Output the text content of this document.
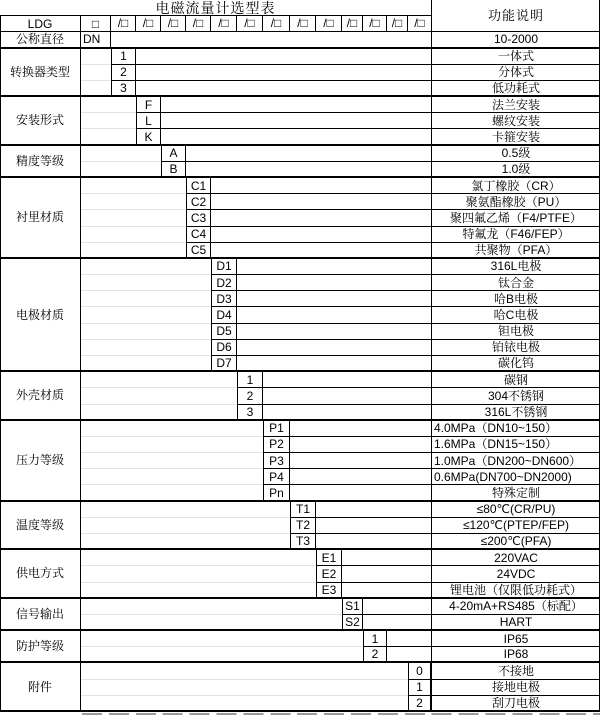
电磁流量计选型表
功能说明
LDG	□	/□	/□	/□	/□	/□	/□	/□	/□	/□	/□ /□ /□ /□
公称直径	DN	10-2000
转换器类型
1	一体式
2	分体式
3	低功耗式
安装形式
F	法兰安装
L	螺纹安装
K	卡箍安装
精度等级
A	0.5级
B	1.0级
衬里材质
C1	氯丁橡胶（CR）
C2	聚氨酯橡胶（PU）
C3	聚四氟乙烯（F4/PTFE）
C4	特氟龙（F46/FEP）
C5	共聚物（PFA）
电极材质
D1	316L电极
D2	钛合金
D3	哈B电极
D4	哈C电极
D5	钽电极
D6	铂铱电极
D7	碳化钨
外壳材质
1	碳钢
2	304不锈钢
3	316L不锈钢
压力等级
P1	4.0MPa（DN10~150）
P2	1.6MPa（DN15~150）
P3	1.0MPa（DN200~DN600）
P4	0.6MPa(DN700~DN2000)
Pn	特殊定制
温度等级
T1	≤80℃(CR/PU)
T2	≤120℃(PTEP/FEP)
T3	≤200℃(PFA)
供电方式
E1	220VAC
E2	24VDC
E3	锂电池（仅限低功耗式）
信号输出
S1	4-20mA+RS485（标配）
S2	HART
防护等级
1	IP65
2	IP68
附件
0	不接地
1	接地电极
2	刮刀电极
